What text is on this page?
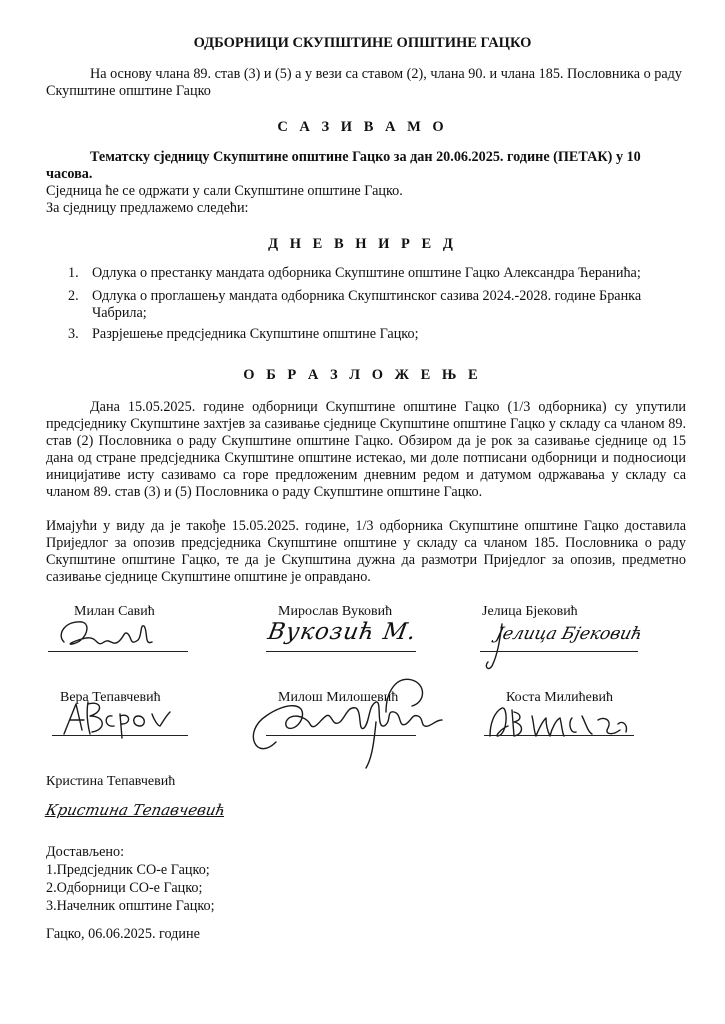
ОДБОРНИЦИ СКУПШТИНЕ ОПШТИНЕ ГАЦКО
На основу члана 89. став (3) и (5) а у вези са ставом (2), члана 90. и члана 185. Пословника о раду Скупштине општине Гацко
С А З И В А М О
Тематску сједницу Скупштине општине Гацко за дан 20.06.2025. године (ПЕТАК) у 10 часова.
Сједница ће се одржати у сали Скупштине општине Гацко.
За сједницу предлажемо следећи:
Д Н Е В Н И Р Е Д
1. Одлука о престанку мандата одборника Скупштине општине Гацко Александра Ћеранића;
2. Одлука о проглашењу мандата одборника Скупштинског сазива 2024.-2028. године Бранка Чабрила;
3. Разрјешење предсједника Скупштине општине Гацко;
О Б Р А З Л О Ж Е Њ Е
Дана 15.05.2025. године одборници Скупштине општине Гацко (1/3 одборника) су упутили предсједнику Скупштине захтјев за сазивање сједнице Скупштине општине Гацко у складу са чланом 89. став (2) Пословника о раду Скупштине општине Гацко. Обзиром да је рок за сазивање сједнице од 15 дана од стране предсједника Скупштине општине истекао, ми доле потписани одборници и подносиоци иницијативе исту сазивамо са горе предложеним дневним редом и датумом одржавања у складу са чланом 89. став (3) и (5) Пословника о раду Скупштине општине Гацко.
Имајући у виду да је такође 15.05.2025. године, 1/3 одборника Скупштине општине Гацко доставила Приједлог за опозив предсједника Скупштине општине у складу са чланом 185. Пословника о раду Скупштине општине Гацко, те да је Скупштина дужна да размотри Приједлог за опозив, предметно сазивање сједнице Скупштине општине је оправдано.
Милан Савић	Мирослав Вуковић
Вукозић М.
Јелица Бјековић
Јелица Бјековић
Вера Тепавчевић	Милош Милошевић	Коста Милићевић
Кристина Тепавчевић
Кристина Тепавчевић
Достављено:
1.Предсједник СО-е Гацко;
2.Одборници СО-е Гацко;
3.Начелник општине Гацко;
Гацко, 06.06.2025. године
